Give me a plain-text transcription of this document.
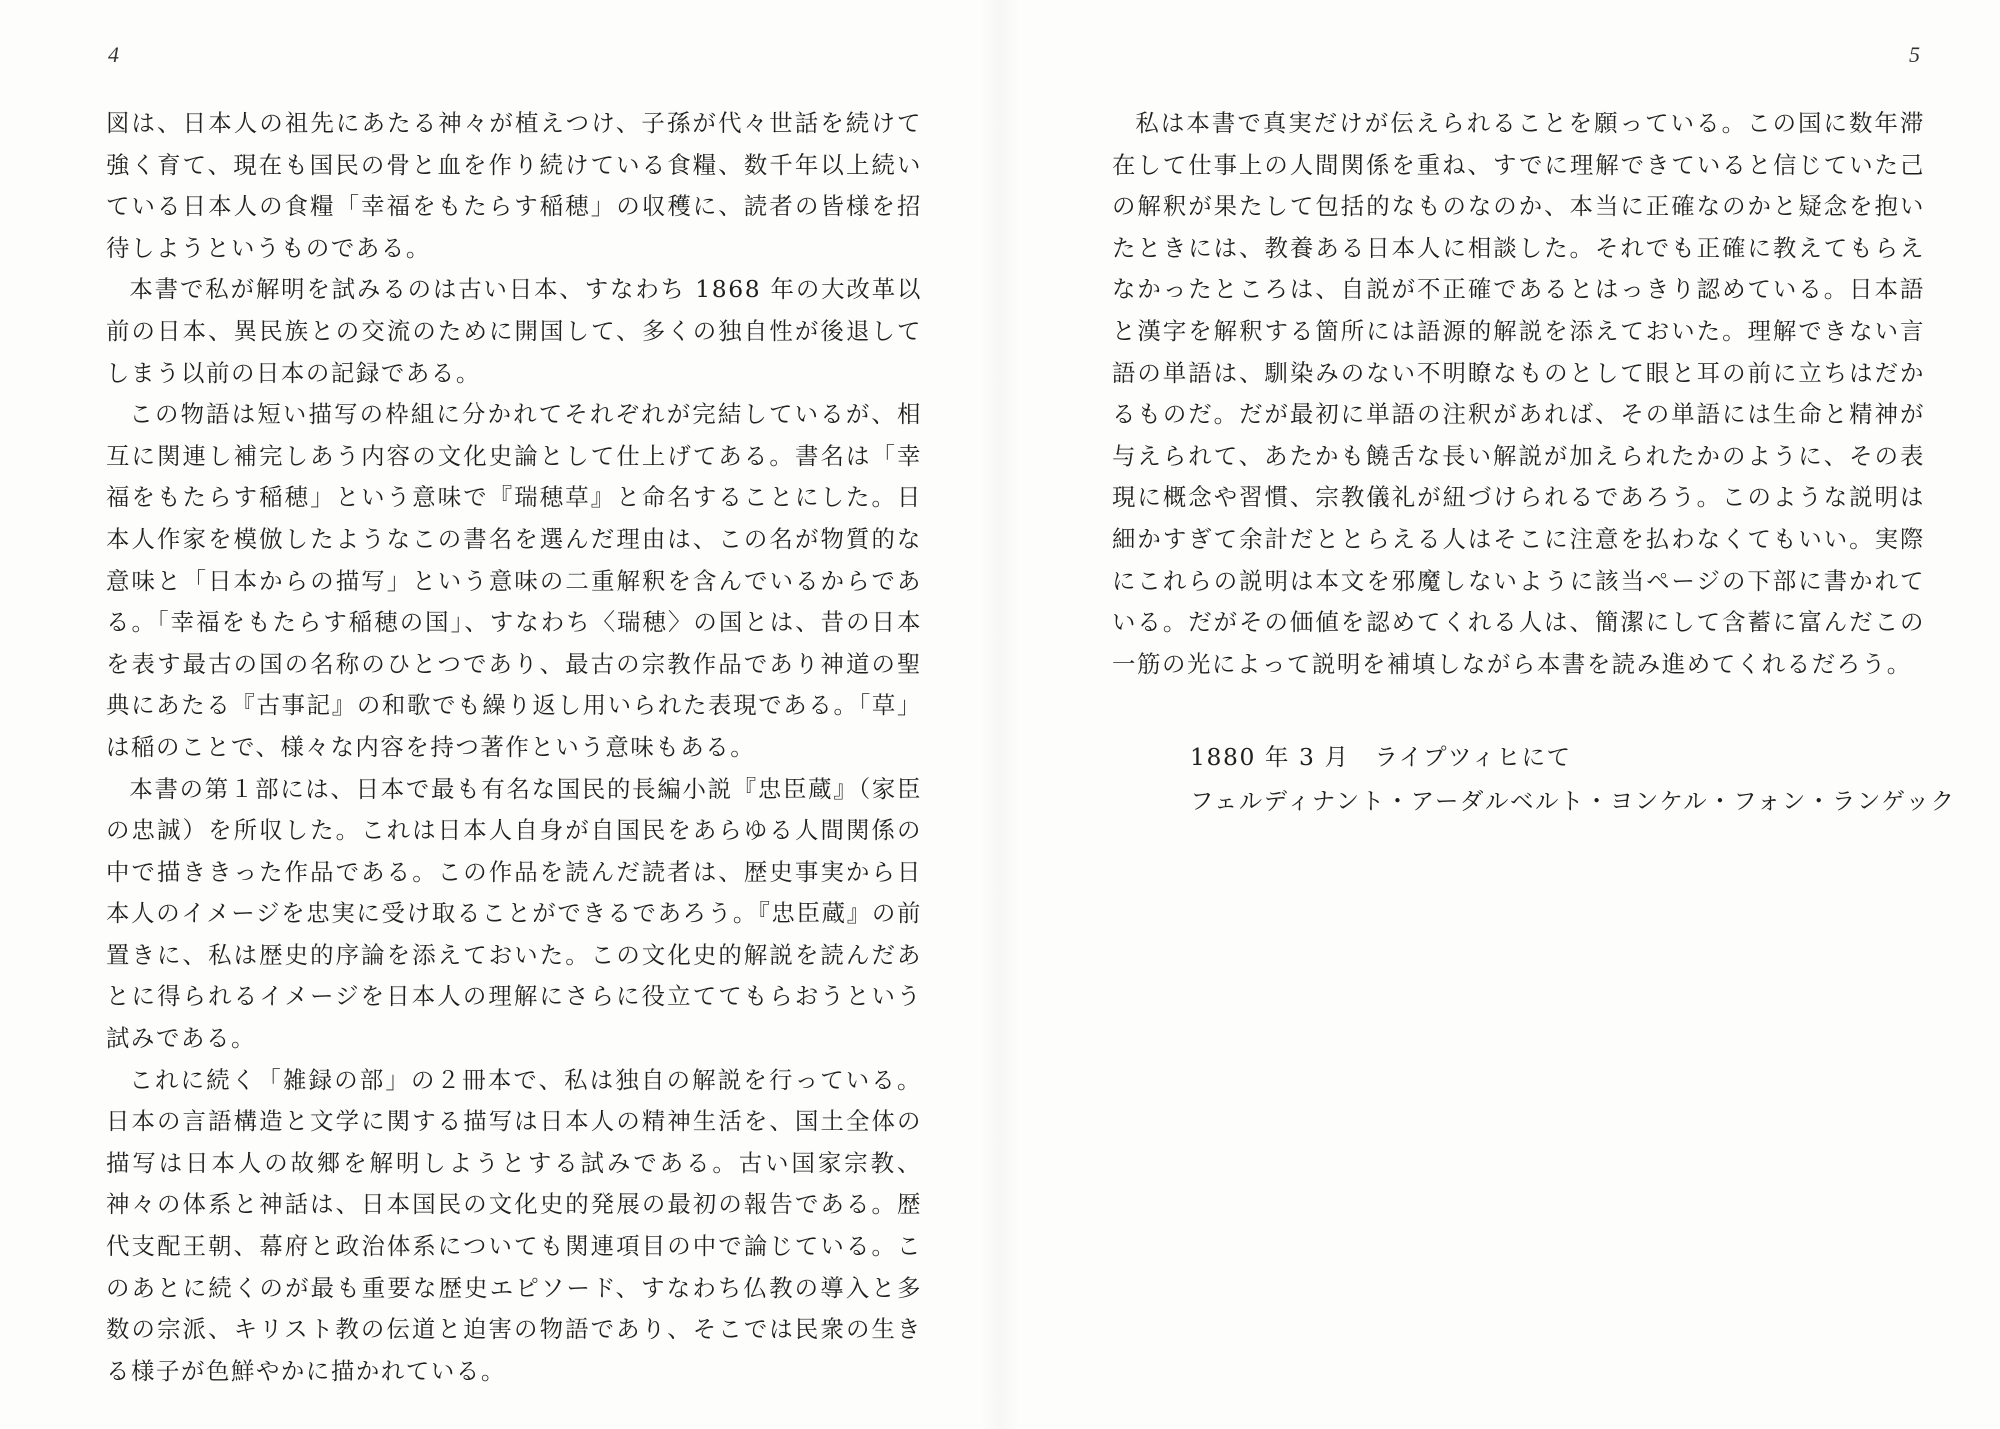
4

図は、日本人の祖先にあたる神々が植えつけ、子孫が代々世話を続けて強く育て、現在も国民の骨と血を作り続けている食糧、数千年以上続いている日本人の食糧「幸福をもたらす稲穂」の収穫に、読者の皆様を招待しようというものである。

本書で私が解明を試みるのは古い日本、すなわち 1868 年の大改革以前の日本、異民族との交流のために開国して、多くの独自性が後退してしまう以前の日本の記録である。

この物語は短い描写の枠組に分かれてそれぞれが完結しているが、相互に関連し補完しあう内容の文化史論として仕上げてある。書名は「幸福をもたらす稲穂」という意味で『瑞穂草』と命名することにした。日本人作家を模倣したようなこの書名を選んだ理由は、この名が物質的な意味と「日本からの描写」という意味の二重解釈を含んでいるからである。「幸福をもたらす稲穂の国」、すなわち〈瑞穂〉の国とは、昔の日本を表す最古の国の名称のひとつであり、最古の宗教作品であり神道の聖典にあたる『古事記』の和歌でも繰り返し用いられた表現である。「草」は稲のことで、様々な内容を持つ著作という意味もある。

本書の第１部には、日本で最も有名な国民的長編小説『忠臣蔵』（家臣の忠誠）を所収した。これは日本人自身が自国民をあらゆる人間関係の中で描ききった作品である。この作品を読んだ読者は、歴史事実から日本人のイメージを忠実に受け取ることができるであろう。『忠臣蔵』の前置きに、私は歴史的序論を添えておいた。この文化史的解説を読んだあとに得られるイメージを日本人の理解にさらに役立ててもらおうという試みである。

これに続く「雑録の部」の２冊本で、私は独自の解説を行っている。日本の言語構造と文学に関する描写は日本人の精神生活を、国土全体の描写は日本人の故郷を解明しようとする試みである。古い国家宗教、神々の体系と神話は、日本国民の文化史的発展の最初の報告である。歴代支配王朝、幕府と政治体系についても関連項目の中で論じている。このあとに続くのが最も重要な歴史エピソード、すなわち仏教の導入と多数の宗派、キリスト教の伝道と迫害の物語であり、そこでは民衆の生きる様子が色鮮やかに描かれている。

5

私は本書で真実だけが伝えられることを願っている。この国に数年滞在して仕事上の人間関係を重ね、すでに理解できていると信じていた己の解釈が果たして包括的なものなのか、本当に正確なのかと疑念を抱いたときには、教養ある日本人に相談した。それでも正確に教えてもらえなかったところは、自説が不正確であるとはっきり認めている。日本語と漢字を解釈する箇所には語源的解説を添えておいた。理解できない言語の単語は、馴染みのない不明瞭なものとして眼と耳の前に立ちはだかるものだ。だが最初に単語の注釈があれば、その単語には生命と精神が与えられて、あたかも饒舌な長い解説が加えられたかのように、その表現に概念や習慣、宗教儀礼が紐づけられるであろう。このような説明は細かすぎて余計だととらえる人はそこに注意を払わなくてもいい。実際にこれらの説明は本文を邪魔しないように該当ページの下部に書かれている。だがその価値を認めてくれる人は、簡潔にして含蓄に富んだこの一筋の光によって説明を補填しながら本書を読み進めてくれるだろう。

1880 年 3 月　ライプツィヒにて
フェルディナント・アーダルベルト・ヨンケル・フォン・ランゲック
